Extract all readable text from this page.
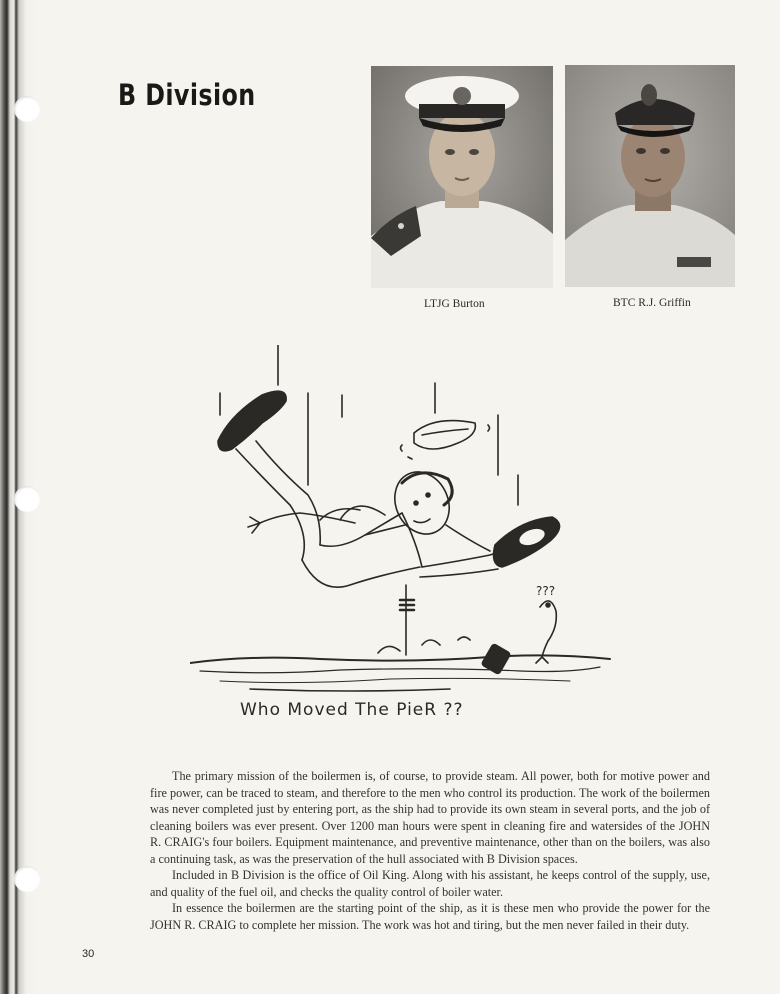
B Division
LTJG Burton	BTC R.J. Griffin
???
Who Moved The PieR ??

The primary mission of the boilermen is, of course, to provide steam. All power, both for motive power and fire power, can be traced to steam, and therefore to the men who control its production. The work of the boilermen was never completed just by entering port, as the ship had to provide its own steam in several ports, and the job of cleaning boilers was ever present. Over 1200 man hours were spent in cleaning fire and watersides of the JOHN R. CRAIG's four boilers. Equipment maintenance, and preventive maintenance, other than on the boilers, was also a continuing task, as was the preservation of the hull associated with B Division spaces.

Included in B Division is the office of Oil King. Along with his assistant, he keeps control of the supply, use, and quality of the fuel oil, and checks the quality control of boiler water.

In essence the boilermen are the starting point of the ship, as it is these men who provide the power for the JOHN R. CRAIG to complete her mission. The work was hot and tiring, but the men never failed in their duty.

30
